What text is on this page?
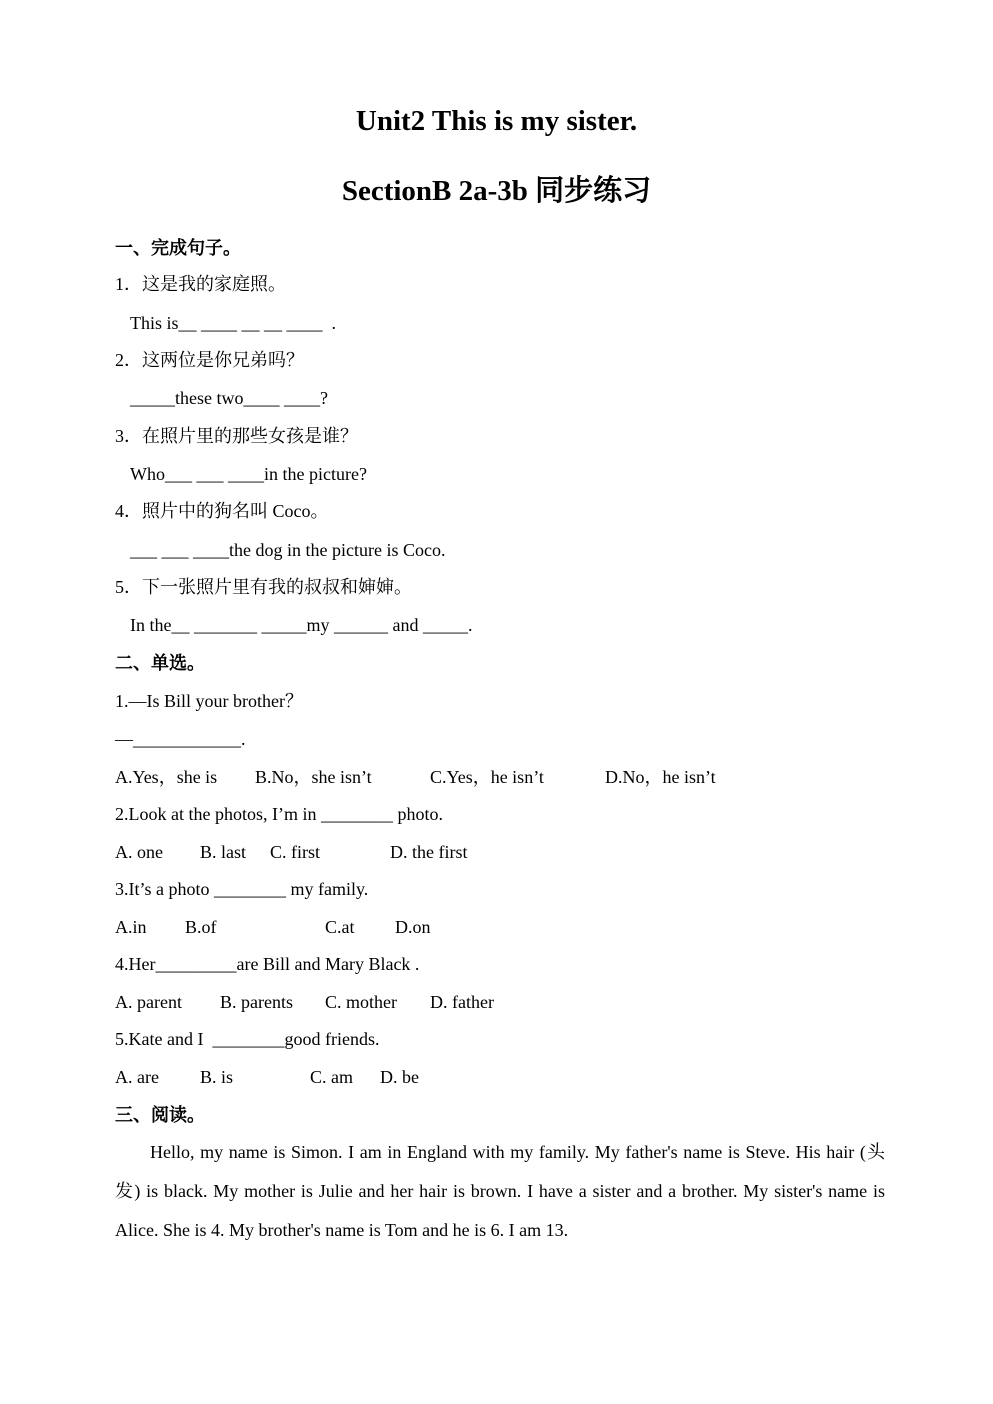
Unit2 This is my sister.
SectionB 2a-3b 同步练习
一、完成句子。
1．这是我的家庭照。
This is__ ____ __ __ ____  .
2．这两位是你兄弟吗？
_____these two____ ____?
3．在照片里的那些女孩是谁？
Who___ ___ ____in the picture?
4．照片中的狗名叫 Coco。
___ ___ ____the dog in the picture is Coco.
5．下一张照片里有我的叔叔和婶婶。
In the__ _______ _____my ______ and _____.
二、单选。
1.—Is Bill your brother？
—____________.
A.Yes，she is B.No，she isn’t	C.Yes，he isn’t	D.No，he isn’t
2.Look at the photos, I’m in ________ photo.
A. one B. last C. first	D. the first
3.It’s a photo ________ my family.
A.in B.of	C.at D.on
4.Her_________are Bill and Mary Black .
A. parent B. parents C. mother D. father
5.Kate and I  ________good friends.
A. are B. is	C. am D. be
三、阅读。
Hello, my name is Simon. I am in England with my family. My father's name is Steve. His hair (头发) is black. My mother is Julie and her hair is brown. I have a sister and a brother. My sister's name is Alice. She is 4. My brother's name is Tom and he is 6. I am 13.
